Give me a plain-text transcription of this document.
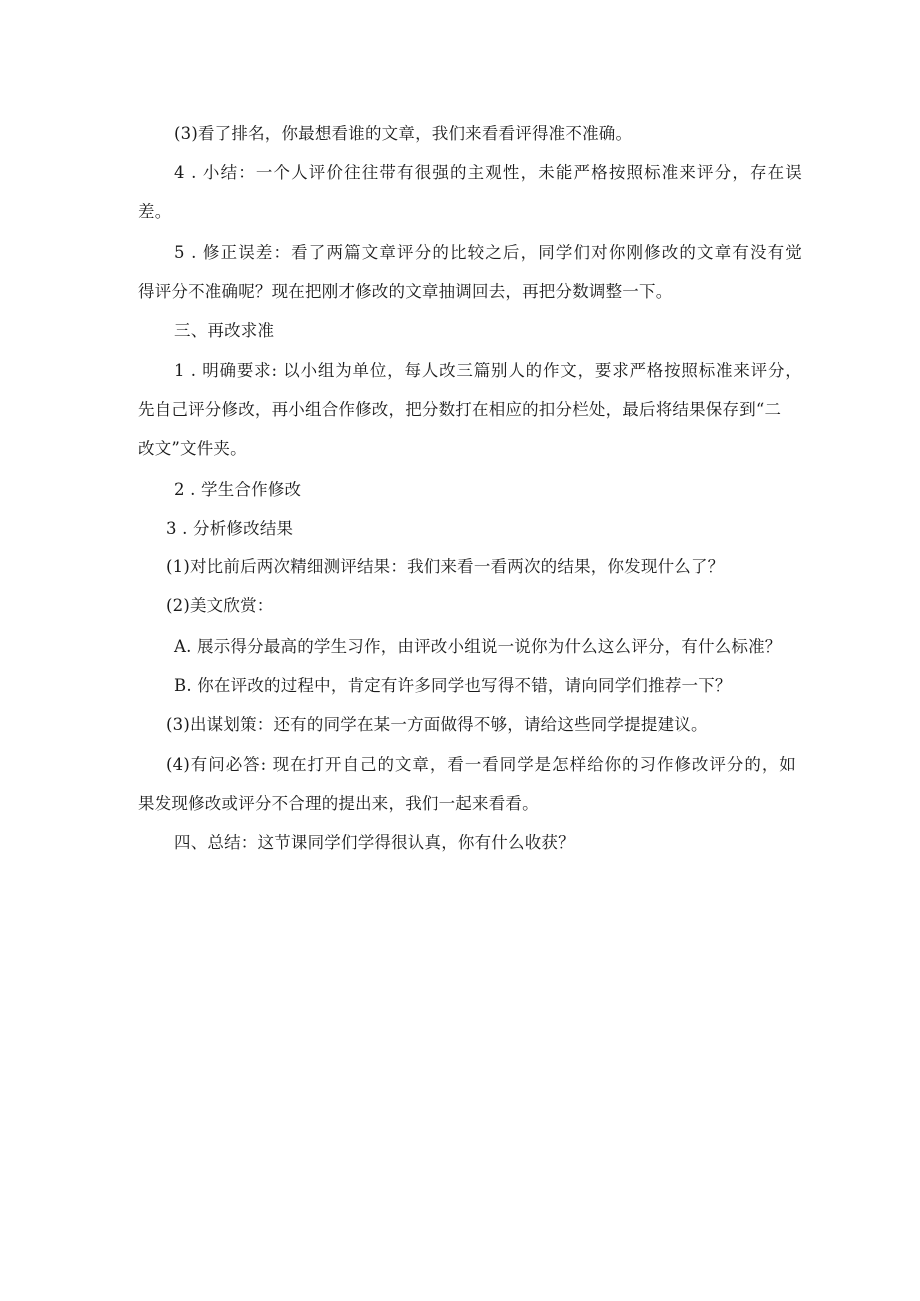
(3)看了排名，你最想看谁的文章，我们来看看评得准不准确。
4 . 小结：一个人评价往往带有很强的主观性，未能严格按照标准来评分，存在误
差。
5 . 修正误差：看了两篇文章评分的比较之后，同学们对你刚修改的文章有没有觉
得评分不准确呢？现在把刚才修改的文章抽调回去，再把分数调整一下。
三、再改求准
1 . 明确要求: 以小组为单位，每人改三篇别人的作文，要求严格按照标准来评分，
先自己评分修改，再小组合作修改，把分数打在相应的扣分栏处，最后将结果保存到“二
改文”文件夹。
2 . 学生合作修改
3 . 分析修改结果
(1)对比前后两次精细测评结果：我们来看一看两次的结果，你发现什么了？
(2)美文欣赏：
A. 展示得分最高的学生习作，由评改小组说一说你为什么这么评分，有什么标准？
B. 你在评改的过程中，肯定有许多同学也写得不错，请向同学们推荐一下？
(3)出谋划策：还有的同学在某一方面做得不够，请给这些同学提提建议。
(4)有问必答: 现在打开自己的文章，看一看同学是怎样给你的习作修改评分的，如
果发现修改或评分不合理的提出来，我们一起来看看。
四、总结：这节课同学们学得很认真，你有什么收获？
